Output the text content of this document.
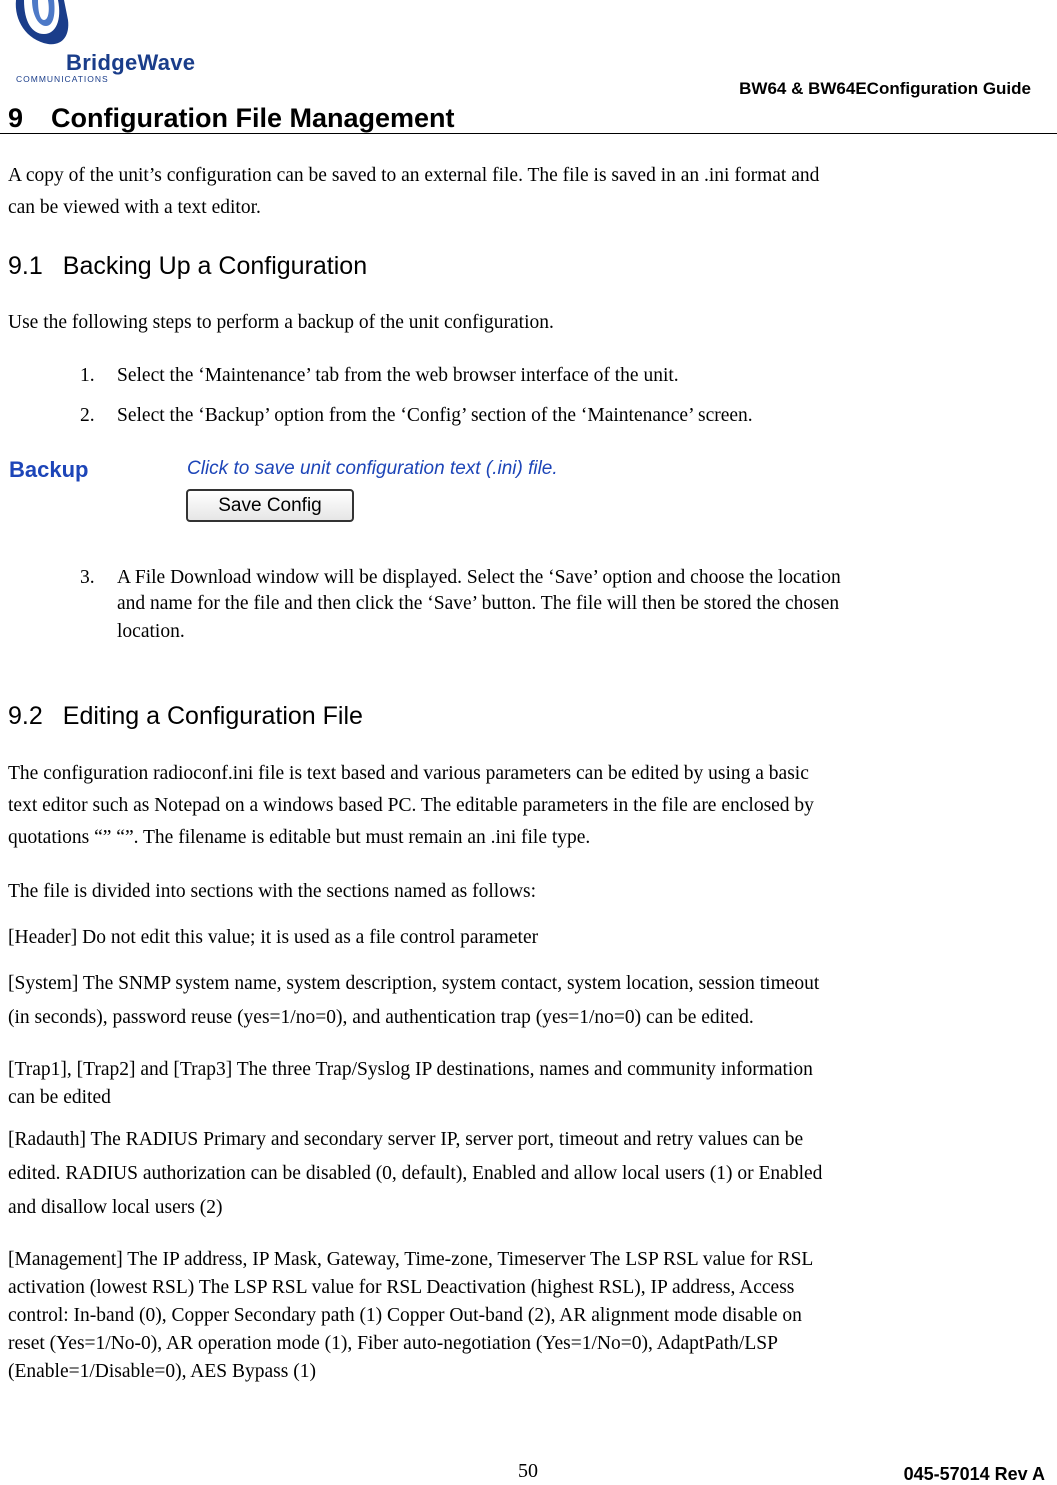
BridgeWave
COMMUNICATIONS	BW64 & BW64EConfiguration Guide
9 Configuration File Management
A copy of the unit’s configuration can be saved to an external file. The file is saved in an .ini format and
can be viewed with a text editor.
9.1 Backing Up a Configuration
Use the following steps to perform a backup of the unit configuration.
1. Select the ‘Maintenance’ tab from the web browser interface of the unit.
2. Select the ‘Backup’ option from the ‘Config’ section of the ‘Maintenance’ screen.
Backup	Click to save unit configuration text (.ini) file.
Save Config
3. A File Download window will be displayed. Select the ‘Save’ option and choose the location
and name for the file and then click the ‘Save’ button. The file will then be stored the chosen
location.
9.2 Editing a Configuration File
The configuration radioconf.ini file is text based and various parameters can be edited by using a basic
text editor such as Notepad on a windows based PC. The editable parameters in the file are enclosed by
quotations “” “”. The filename is editable but must remain an .ini file type.
The file is divided into sections with the sections named as follows:
[Header] Do not edit this value; it is used as a file control parameter
[System] The SNMP system name, system description, system contact, system location, session timeout
(in seconds), password reuse (yes=1/no=0), and authentication trap (yes=1/no=0) can be edited.
[Trap1], [Trap2] and [Trap3] The three Trap/Syslog IP destinations, names and community information
can be edited
[Radauth] The RADIUS Primary and secondary server IP, server port, timeout and retry values can be
edited. RADIUS authorization can be disabled (0, default), Enabled and allow local users (1) or Enabled
and disallow local users (2)
[Management] The IP address, IP Mask, Gateway, Time-zone, Timeserver The LSP RSL value for RSL
activation (lowest RSL) The LSP RSL value for RSL Deactivation (highest RSL), IP address, Access
control: In-band (0), Copper Secondary path (1) Copper Out-band (2), AR alignment mode disable on
reset (Yes=1/No-0), AR operation mode (1), Fiber auto-negotiation (Yes=1/No=0), AdaptPath/LSP
(Enable=1/Disable=0), AES Bypass (1)
50	045-57014 Rev A
